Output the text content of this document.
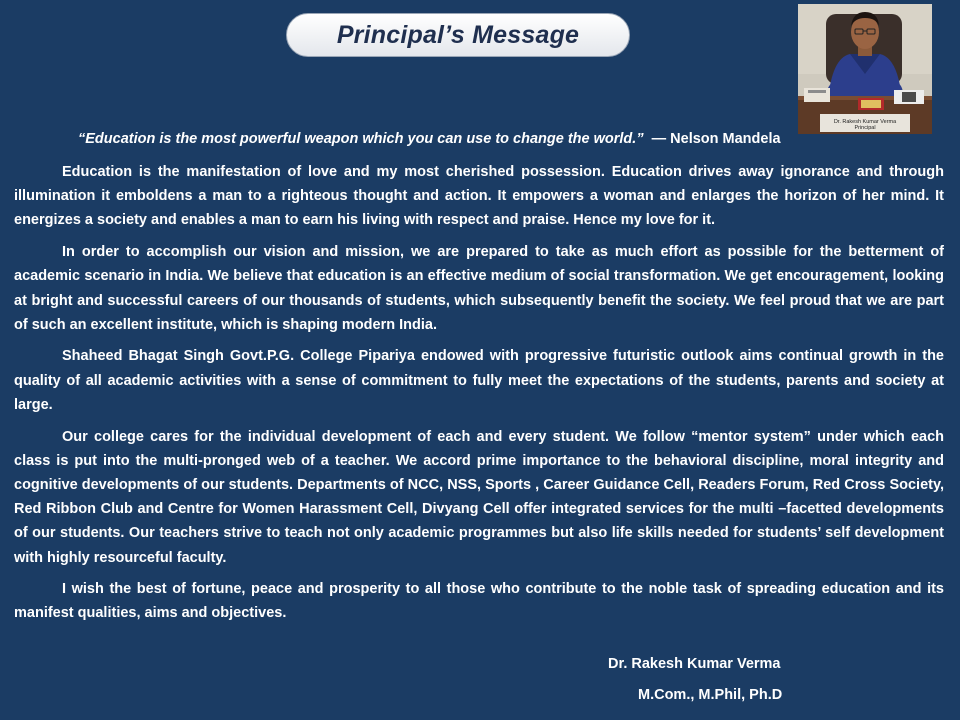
Principal’s Message
Dr. Rakesh Kumar Verma
Principal
“Education is the most powerful weapon which you can use to change the world.” — Nelson Mandela

Education is the manifestation of love and my most cherished possession. Education drives away ignorance and through illumination it emboldens a man to a righteous thought and action. It empowers a woman and enlarges the horizon of her mind. It energizes a society and enables a man to earn his living with respect and praise. Hence my love for it.

In order to accomplish our vision and mission, we are prepared to take as much effort as possible for the betterment of academic scenario in India. We believe that education is an effective medium of social transformation. We get encouragement, looking at bright and successful careers of our thousands of students, which subsequently benefit the society. We feel proud that we are part of such an excellent institute, which is shaping modern India.

Shaheed Bhagat Singh Govt.P.G. College Pipariya endowed with progressive futuristic outlook aims continual growth in the quality of all academic activities with a sense of commitment to fully meet the expectations of the students, parents and society at large.

Our college cares for the individual development of each and every student. We follow “mentor system” under which each class is put into the multi-pronged web of a teacher. We accord prime importance to the behavioral discipline, moral integrity and cognitive developments of our students. Departments of NCC, NSS, Sports , Career Guidance Cell, Readers Forum, Red Cross Society, Red Ribbon Club and Centre for Women Harassment Cell, Divyang Cell offer integrated services for the multi –facetted developments of our students. Our teachers strive to teach not only academic programmes but also life skills needed for students’ self development with highly resourceful faculty.

I wish the best of fortune, peace and prosperity to all those who contribute to the noble task of spreading education and its manifest qualities, aims and objectives.

Dr. Rakesh Kumar Verma
M.Com., M.Phil, Ph.D
